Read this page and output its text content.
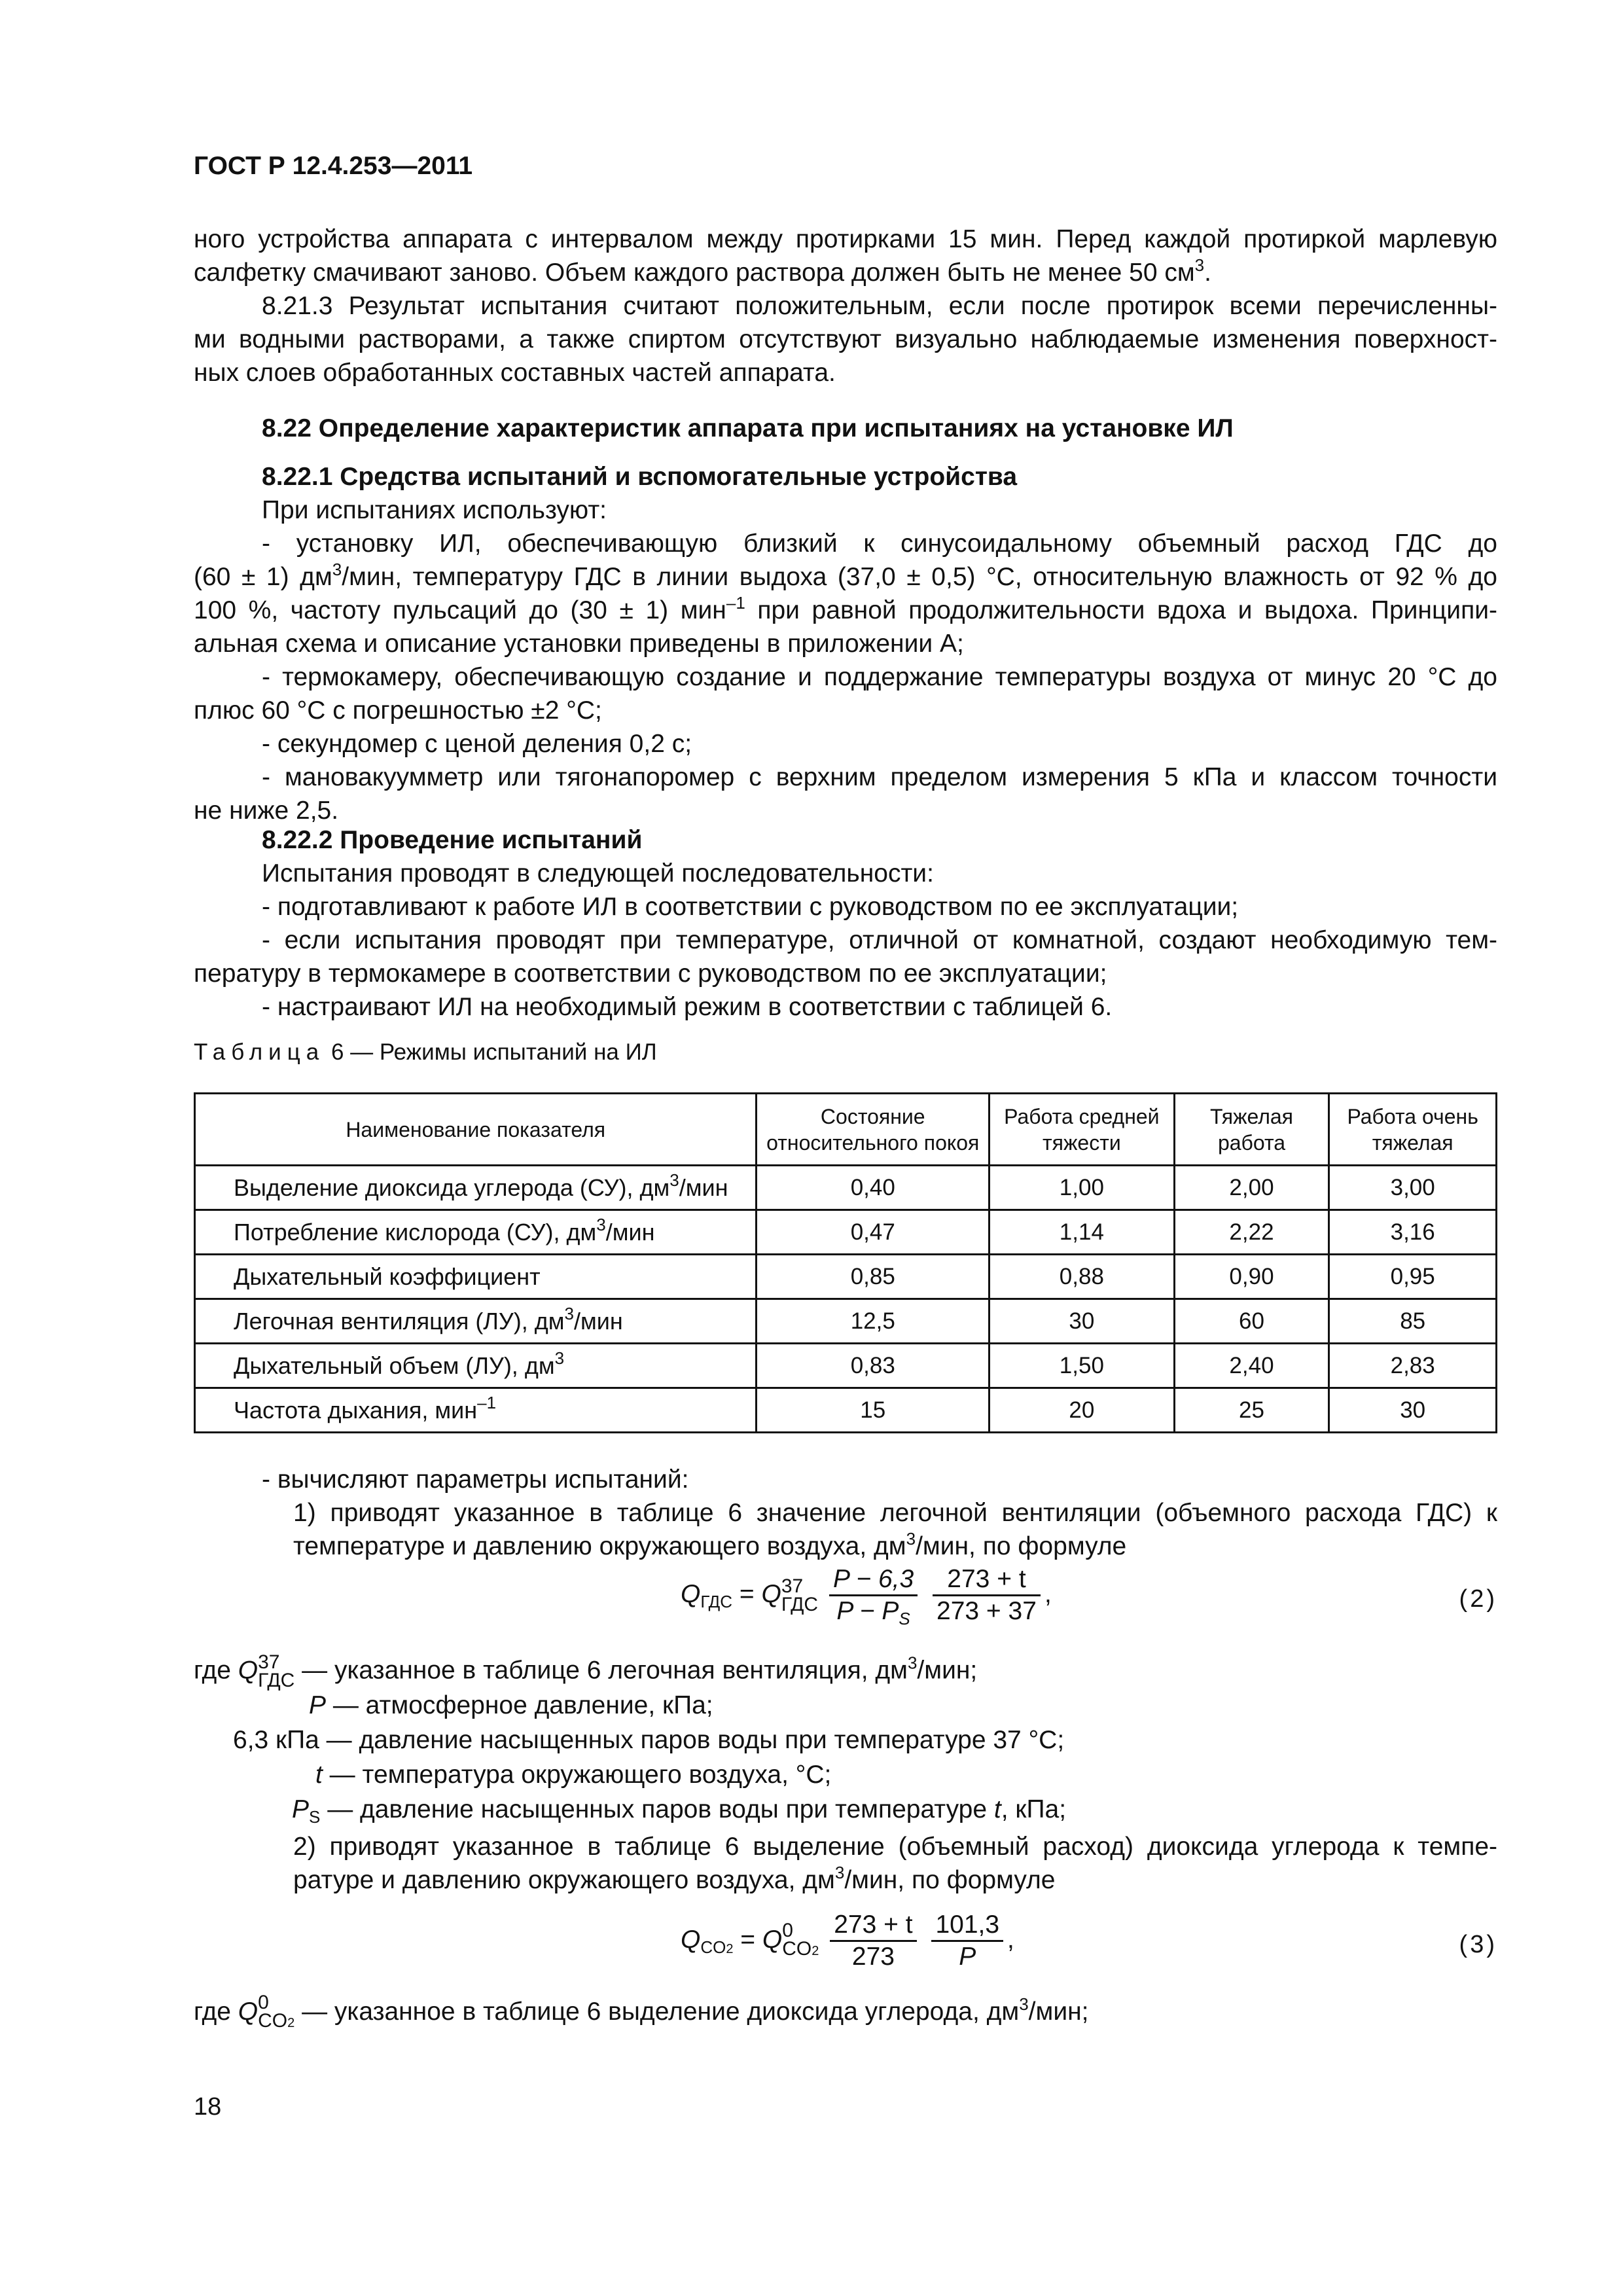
ГОСТ Р 12.4.253—2011
ного устройства аппарата с интервалом между протирками 15 мин. Перед каждой протиркой марлевую
салфетку смачивают заново. Объем каждого раствора должен быть не менее 50 $см^3$.
8.21.3 Результат испытания считают положительным, если после протирок всеми перечисленны-
ми водными растворами, а также спиртом отсутствуют визуально наблюдаемые изменения поверхност-
ных слоев обработанных составных частей аппарата.
8.22 Определение характеристик аппарата при испытаниях на установке ИЛ
8.22.1 Средства испытаний и вспомогательные устройства
При испытаниях используют:
- установку ИЛ, обеспечивающую близкий к синусоидальному объемный расход ГДС до
(60 ± 1) $дм^3$/мин, температуру ГДС в линии выдоха (37,0 ± 0,5) °С, относительную влажность от 92 % до
100 %, частоту пульсаций до (30 ± 1) мин$^{-1}$ при равной продолжительности вдоха и выдоха. Принципи-
альная схема и описание установки приведены в приложении А;
- термокамеру, обеспечивающую создание и поддержание температуры воздуха от минус 20 °С до
плюс 60 °С с погрешностью ±2 °С;
- секундомер с ценой деления 0,2 с;
- мановакуумметр или тягонапоромер с верхним пределом измерения 5 кПа и классом точности
не ниже 2,5.
8.22.2 Проведение испытаний
Испытания проводят в следующей последовательности:
- подготавливают к работе ИЛ в соответствии с руководством по ее эксплуатации;
- если испытания проводят при температуре, отличной от комнатной, создают необходимую тем-
пературу в термокамере в соответствии с руководством по ее эксплуатации;
- настраивают ИЛ на необходимый режим в соответствии с таблицей 6.
Таблица 6 — Режимы испытаний на ИЛ
Наименование показателя	Состояние относительного покоя	Работа средней тяжести	Тяжелая работа	Работа очень тяжелая
Выделение диоксида углерода (СУ), $дм^3$/мин	0,40	1,00	2,00	3,00
Потребление кислорода (СУ), $дм^3$/мин	0,47	1,14	2,22	3,16
Дыхательный коэффициент	0,85	0,88	0,90	0,95
Легочная вентиляция (ЛУ), $дм^3$/мин	12,5	30	60	85
Дыхательный объем (ЛУ), $дм^3$	0,83	1,50	2,40	2,83
Частота дыхания, мин$^{-1}$	15	20	25	30
- вычисляют параметры испытаний:
1) приводят указанное в таблице 6 значение легочной вентиляции (объемного расхода ГДС) к
температуре и давлению окружающего воздуха, $дм^3$/мин, по формуле
$Q_{ГДС} = Q$ 37
ГДС
$\frac{P - 6,3}{P - P_S}$
$\frac{273 + t}{273 + 37}$ ,	(2)
где Q 37
ГДС — указанное в таблице 6 легочная вентиляция, $дм^3$/мин;
P — атмосферное давление, кПа;
6,3 кПа — давление насыщенных паров воды при температуре 37 °С;
t — температура окружающего воздуха, °С;
$P_S$ — давление насыщенных паров воды при температуре t, кПа;
2) приводят указанное в таблице 6 выделение (объемный расход) диоксида углерода к темпе-
ратуре и давлению окружающего воздуха, $дм^3$/мин, по формуле
$Q_{CO2} = Q$ 0
CO2
$\frac{273 + t}{273}$
$\frac{101,3}{P}$ ,	(3)
где Q 0
CO2 — указанное в таблице 6 выделение диоксида углерода, $дм^3$/мин;
18
